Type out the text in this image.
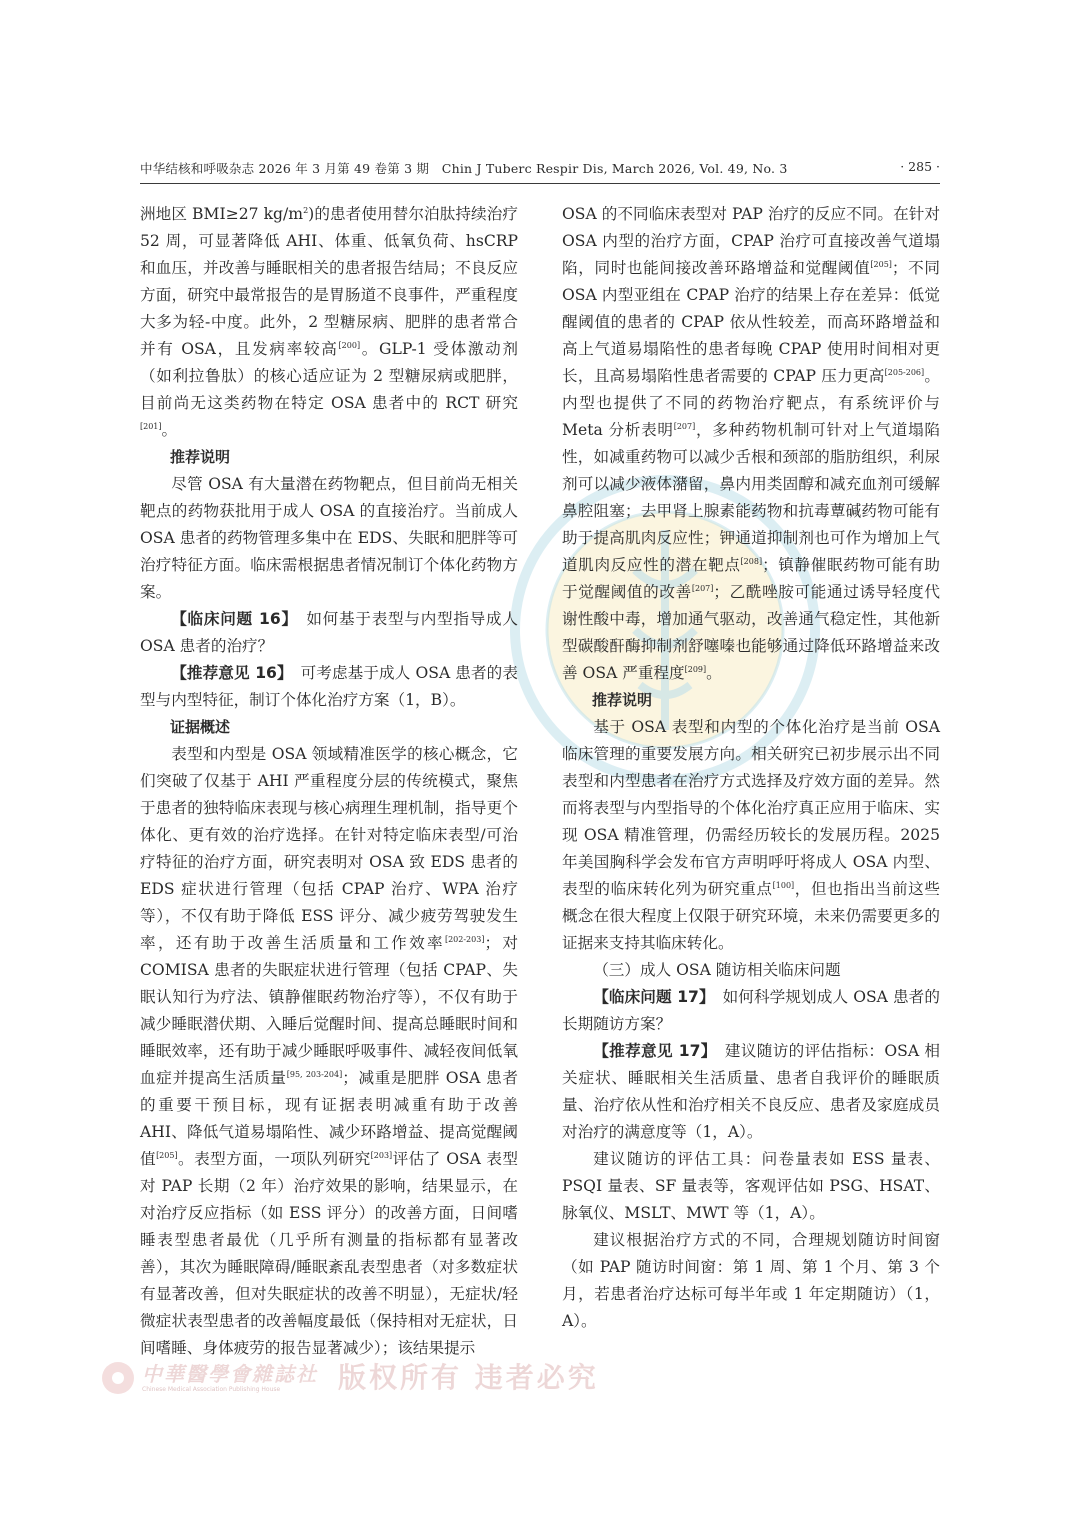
中华结核和呼吸杂志 2026 年 3 月第 49 卷第 3 期　Chin J Tuberc Respir Dis, March 2026, Vol. 49, No. 3	· 285 ·

洲地区 BMI≥27 $kg/m^2$)的患者使用替尔泊肽持续治疗 52 周，可显著降低 AHI、体重、低氧负荷、hsCRP 和血压，并改善与睡眠相关的患者报告结局；不良反应方面，研究中最常报告的是胃肠道不良事件，严重程度大多为轻-中度。此外，2 型糖尿病、肥胖的患者常合并有 OSA，且发病率较高[200]。GLP-1 受体激动剂（如利拉鲁肽）的核心适应证为 2 型糖尿病或肥胖，目前尚无这类药物在特定 OSA 患者中的 RCT 研究[201]。

推荐说明

尽管 OSA 有大量潜在药物靶点，但目前尚无相关靶点的药物获批用于成人 OSA 的直接治疗。当前成人 OSA 患者的药物管理多集中在 EDS、失眠和肥胖等可治疗特征方面。临床需根据患者情况制订个体化药物方案。

【临床问题 16】　如何基于表型与内型指导成人 OSA 患者的治疗？

【推荐意见 16】　可考虑基于成人 OSA 患者的表型与内型特征，制订个体化治疗方案（1，B）。

证据概述

表型和内型是 OSA 领域精准医学的核心概念，它们突破了仅基于 AHI 严重程度分层的传统模式，聚焦于患者的独特临床表现与核心病理生理机制，指导更个体化、更有效的治疗选择。在针对特定临床表型/可治疗特征的治疗方面，研究表明对 OSA 致 EDS 患者的 EDS 症状进行管理（包括 CPAP 治疗、WPA 治疗等），不仅有助于降低 ESS 评分、减少疲劳驾驶发生率，还有助于改善生活质量和工作效率[202-203]；对 COMISA 患者的失眠症状进行管理（包括 CPAP、失眠认知行为疗法、镇静催眠药物治疗等），不仅有助于减少睡眠潜伏期、入睡后觉醒时间、提高总睡眠时间和睡眠效率，还有助于减少睡眠呼吸事件、减轻夜间低氧血症并提高生活质量[95, 203-204]；减重是肥胖 OSA 患者的重要干预目标，现有证据表明减重有助于改善 AHI、降低气道易塌陷性、减少环路增益、提高觉醒阈值[205]。表型方面，一项队列研究[203]评估了 OSA 表型对 PAP 长期（2 年）治疗效果的影响，结果显示，在对治疗反应指标（如 ESS 评分）的改善方面，日间嗜睡表型患者最优（几乎所有测量的指标都有显著改善），其次为睡眠障碍/睡眠紊乱表型患者（对多数症状有显著改善，但对失眠症状的改善不明显），无症状/轻微症状表型患者的改善幅度最低（保持相对无症状，日间嗜睡、身体疲劳的报告显著减少）；该结果提示

OSA 的不同临床表型对 PAP 治疗的反应不同。在针对 OSA 内型的治疗方面，CPAP 治疗可直接改善气道塌陷，同时也能间接改善环路增益和觉醒阈值[205]；不同 OSA 内型亚组在 CPAP 治疗的结果上存在差异：低觉醒阈值的患者的 CPAP 依从性较差，而高环路增益和高上气道易塌陷性的患者每晚 CPAP 使用时间相对更长，且高易塌陷性患者需要的 CPAP 压力更高[205-206]。内型也提供了不同的药物治疗靶点，有系统评价与 Meta 分析表明[207]，多种药物机制可针对上气道塌陷性，如减重药物可以减少舌根和颈部的脂肪组织，利尿剂可以减少液体潴留，鼻内用类固醇和减充血剂可缓解鼻腔阻塞；去甲肾上腺素能药物和抗毒蕈碱药物可能有助于提高肌肉反应性；钾通道抑制剂也可作为增加上气道肌肉反应性的潜在靶点[208]；镇静催眠药物可能有助于觉醒阈值的改善[207]；乙酰唑胺可能通过诱导轻度代谢性酸中毒，增加通气驱动，改善通气稳定性，其他新型碳酸酐酶抑制剂舒噻嗪也能够通过降低环路增益来改善 OSA 严重程度[209]。

推荐说明

基于 OSA 表型和内型的个体化治疗是当前 OSA 临床管理的重要发展方向。相关研究已初步展示出不同表型和内型患者在治疗方式选择及疗效方面的差异。然而将表型与内型指导的个体化治疗真正应用于临床、实现 OSA 精准管理，仍需经历较长的发展历程。2025 年美国胸科学会发布官方声明呼吁将成人 OSA 内型、表型的临床转化列为研究重点[100]，但也指出当前这些概念在很大程度上仅限于研究环境，未来仍需要更多的证据来支持其临床转化。

（三）成人 OSA 随访相关临床问题

【临床问题 17】　如何科学规划成人 OSA 患者的长期随访方案？

【推荐意见 17】　建议随访的评估指标：OSA 相关症状、睡眠相关生活质量、患者自我评价的睡眠质量、治疗依从性和治疗相关不良反应、患者及家庭成员对治疗的满意度等（1，A）。

建议随访的评估工具：问卷量表如 ESS 量表、PSQI 量表、SF 量表等，客观评估如 PSG、HSAT、脉氧仪、MSLT、MWT 等（1，A）。

建议根据治疗方式的不同，合理规划随访时间窗（如 PAP 随访时间窗：第 1 周、第 1 个月、第 3 个月，若患者治疗达标可每半年或 1 年定期随访）（1，A）。

中華醫學會雜誌社
Chinese Medical Association Publishing House 版权所有 违者必究
